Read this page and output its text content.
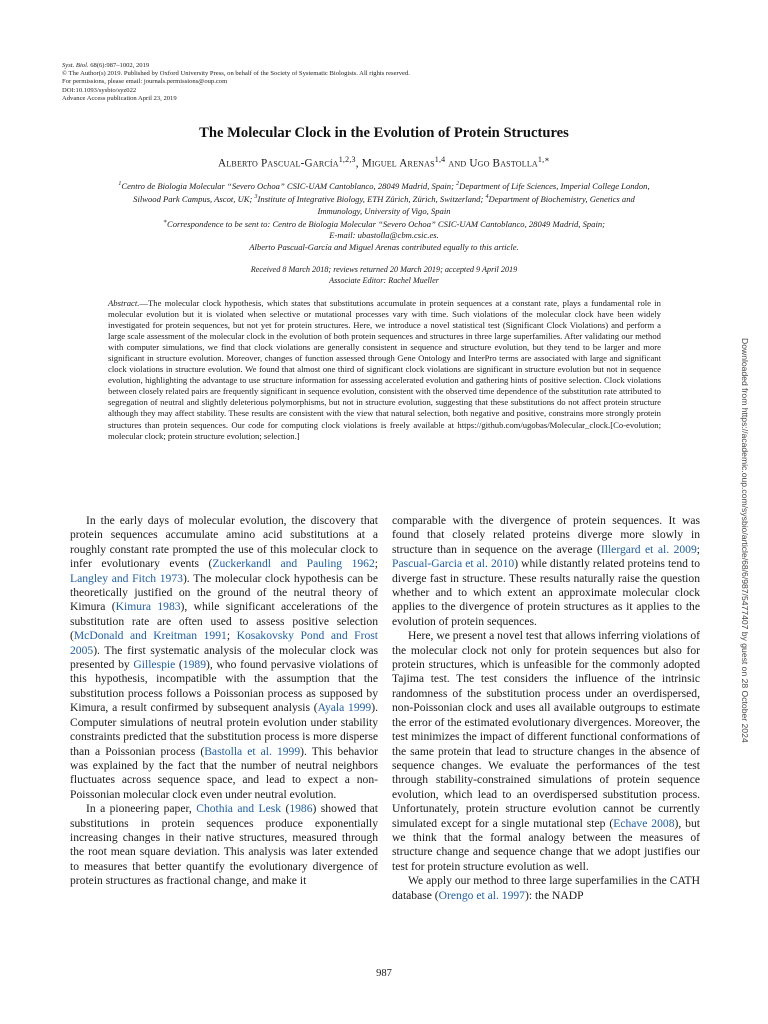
Syst. Biol. 68(6):987–1002, 2019
© The Author(s) 2019. Published by Oxford University Press, on behalf of the Society of Systematic Biologists. All rights reserved.
For permissions, please email: journals.permissions@oup.com
DOI:10.1093/sysbio/syz022
Advance Access publication April 23, 2019
The Molecular Clock in the Evolution of Protein Structures
Alberto Pascual-García$^{1,2,3}$, Miguel Arenas$^{1,4}$ and Ugo Bastolla$^{1,∗}$
$^1$Centro de Biologia Molecular “Severo Ochoa” CSIC-UAM Cantoblanco, 28049 Madrid, Spain; $^2$Department of Life Sciences, Imperial College London,
Silwood Park Campus, Ascot, UK; $^3$Institute of Integrative Biology, ETH Zürich, Zürich, Switzerland; $^4$Department of Biochemistry, Genetics and
Immunology, University of Vigo, Spain
∗Correspondence to be sent to: Centro de Biologia Molecular “Severo Ochoa” CSIC-UAM Cantoblanco, 28049 Madrid, Spain;
E-mail: ubastolla@cbm.csic.es.
Alberto Pascual-García and Miguel Arenas contributed equally to this article.
Received 8 March 2018; reviews returned 20 March 2019; accepted 9 April 2019
Associate Editor: Rachel Mueller
Abstract.—The molecular clock hypothesis, which states that substitutions accumulate in protein sequences at a constant rate, plays a fundamental role in molecular evolution but it is violated when selective or mutational processes vary with time. Such violations of the molecular clock have been widely investigated for protein sequences, but not yet for protein structures. Here, we introduce a novel statistical test (Significant Clock Violations) and perform a large scale assessment of the molecular clock in the evolution of both protein sequences and structures in three large superfamilies. After validating our method with computer simulations, we find that clock violations are generally consistent in sequence and structure evolution, but they tend to be larger and more significant in structure evolution. Moreover, changes of function assessed through Gene Ontology and InterPro terms are associated with large and significant clock violations in structure evolution. We found that almost one third of significant clock violations are significant in structure evolution but not in sequence evolution, highlighting the advantage to use structure information for assessing accelerated evolution and gathering hints of positive selection. Clock violations between closely related pairs are frequently significant in sequence evolution, consistent with the observed time dependence of the substitution rate attributed to segregation of neutral and slightly deleterious polymorphisms, but not in structure evolution, suggesting that these substitutions do not affect protein structure although they may affect stability. These results are consistent with the view that natural selection, both negative and positive, constrains more strongly protein structures than protein sequences. Our code for computing clock violations is freely available at https://github.com/ugobas/Molecular_clock.[Co-evolution; molecular clock; protein structure evolution; selection.]

In the early days of molecular evolution, the discovery that protein sequences accumulate amino acid substitutions at a roughly constant rate prompted the use of this molecular clock to infer evolutionary events (Zuckerkandl and Pauling 1962; Langley and Fitch 1973). The molecular clock hypothesis can be theoretically justified on the ground of the neutral theory of Kimura (Kimura 1983), while significant accelerations of the substitution rate are often used to assess positive selection (McDonald and Kreitman 1991; Kosakovsky Pond and Frost 2005). The first systematic analysis of the molecular clock was presented by Gillespie (1989), who found pervasive violations of this hypothesis, incompatible with the assumption that the substitution process follows a Poissonian process as supposed by Kimura, a result confirmed by subsequent analysis (Ayala 1999). Computer simulations of neutral protein evolution under stability constraints predicted that the substitution process is more disperse than a Poissonian process (Bastolla et al. 1999). This behavior was explained by the fact that the number of neutral neighbors fluctuates across sequence space, and lead to expect a non-Poissonian molecular clock even under neutral evolution.

In a pioneering paper, Chothia and Lesk (1986) showed that substitutions in protein sequences produce exponentially increasing changes in their native structures, measured through the root mean square deviation. This analysis was later extended to measures that better quantify the evolutionary divergence of protein structures as fractional change, and make it

comparable with the divergence of protein sequences. It was found that closely related proteins diverge more slowly in structure than in sequence on the average (Illergard et al. 2009; Pascual-Garcia et al. 2010) while distantly related proteins tend to diverge fast in structure. These results naturally raise the question whether and to which extent an approximate molecular clock applies to the divergence of protein structures as it applies to the evolution of protein sequences.

Here, we present a novel test that allows inferring violations of the molecular clock not only for protein sequences but also for protein structures, which is unfeasible for the commonly adopted Tajima test. The test considers the influence of the intrinsic randomness of the substitution process under an overdispersed, non-Poissonian clock and uses all available outgroups to estimate the error of the estimated evolutionary divergences. Moreover, the test minimizes the impact of different functional conformations of the same protein that lead to structure changes in the absence of sequence changes. We evaluate the performances of the test through stability-constrained simulations of protein sequence evolution, which lead to an overdispersed substitution process. Unfortunately, protein structure evolution cannot be currently simulated except for a single mutational step (Echave 2008), but we think that the formal analogy between the measures of structure change and sequence change that we adopt justifies our test for protein structure evolution as well.

We apply our method to three large superfamilies in the CATH database (Orengo et al. 1997): the NADP

Downloaded from https://academic.oup.com/sysbio/article/68/6/987/5477407 by guest on 28 October 2024
987
